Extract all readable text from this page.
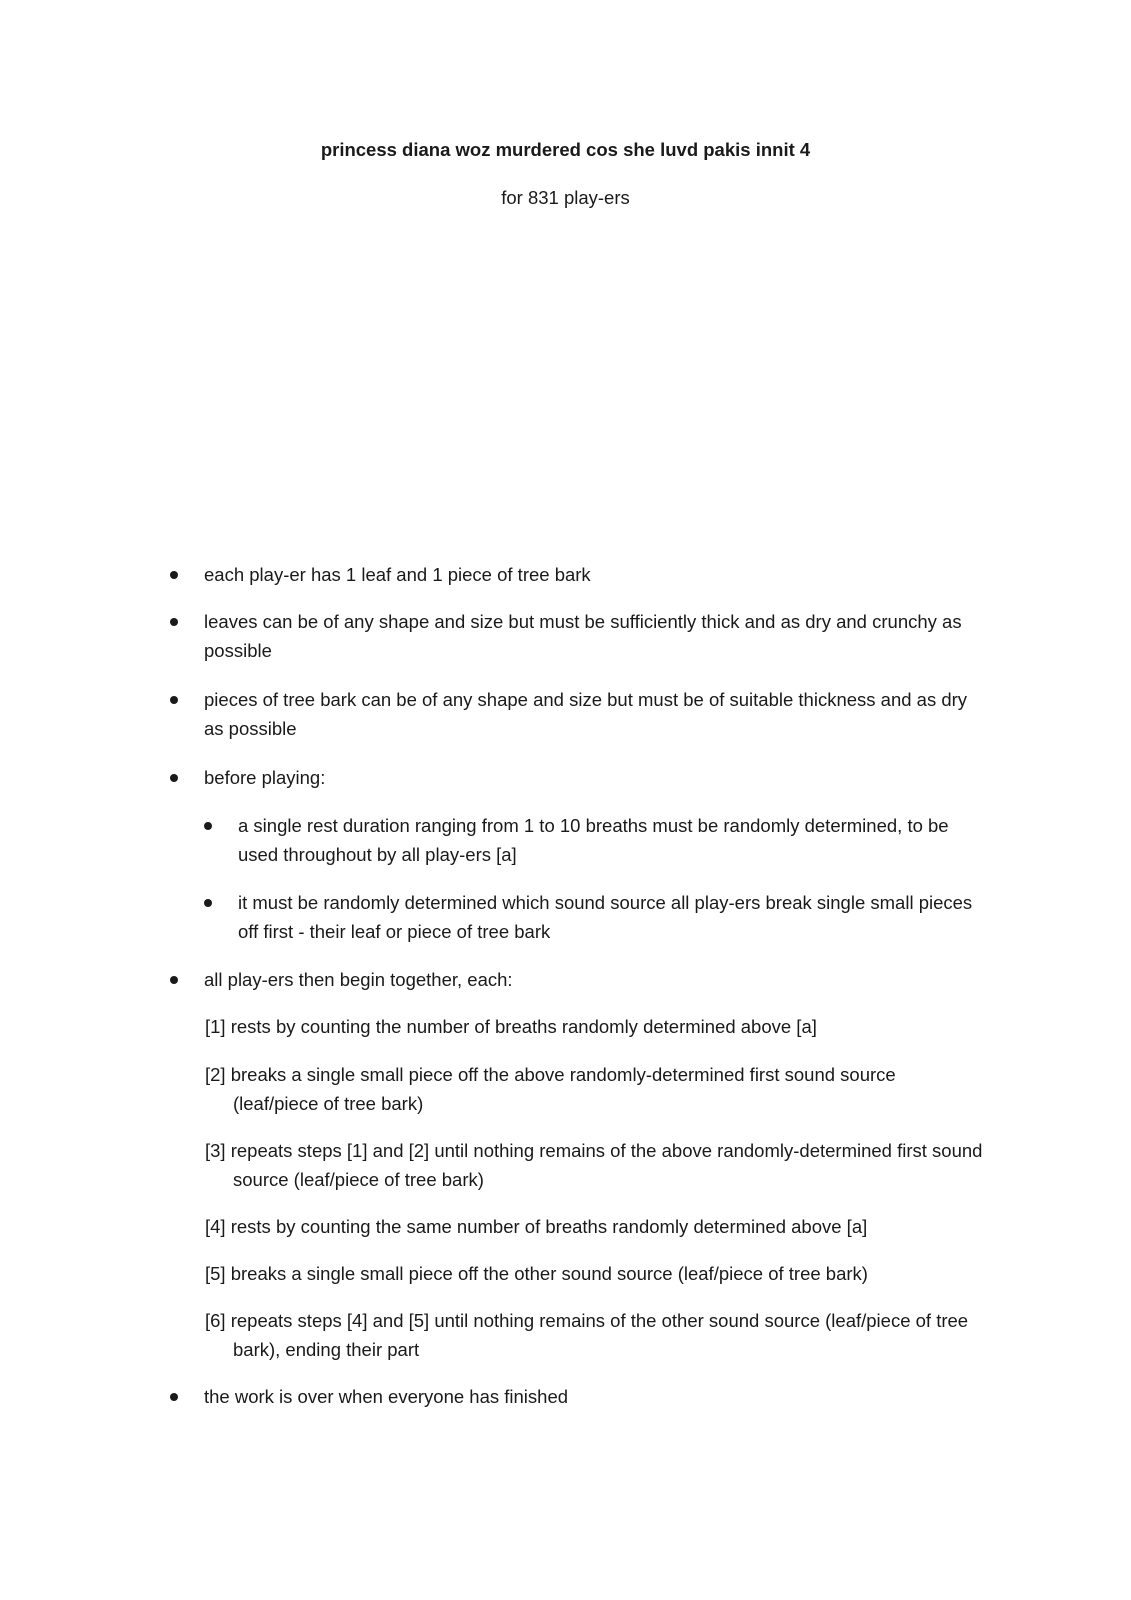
princess diana woz murdered cos she luvd pakis innit 4
for 831 play-ers

each play-er has 1 leaf and 1 piece of tree bark

leaves can be of any shape and size but must be sufficiently thick and as dry and crunchy as possible

pieces of tree bark can be of any shape and size but must be of suitable thickness and as dry as possible

before playing:

a single rest duration ranging from 1 to 10 breaths must be randomly determined, to be used throughout by all play-ers [a]

it must be randomly determined which sound source all play-ers break single small pieces off first - their leaf or piece of tree bark

all play-ers then begin together, each:

[1] rests by counting the number of breaths randomly determined above [a]

[2] breaks a single small piece off the above randomly-determined first sound source (leaf/piece of tree bark)

[3] repeats steps [1] and [2] until nothing remains of the above randomly-determined first sound source (leaf/piece of tree bark)

[4] rests by counting the same number of breaths randomly determined above [a]

[5] breaks a single small piece off the other sound source (leaf/piece of tree bark)

[6] repeats steps [4] and [5] until nothing remains of the other sound source (leaf/piece of tree bark), ending their part

the work is over when everyone has finished
